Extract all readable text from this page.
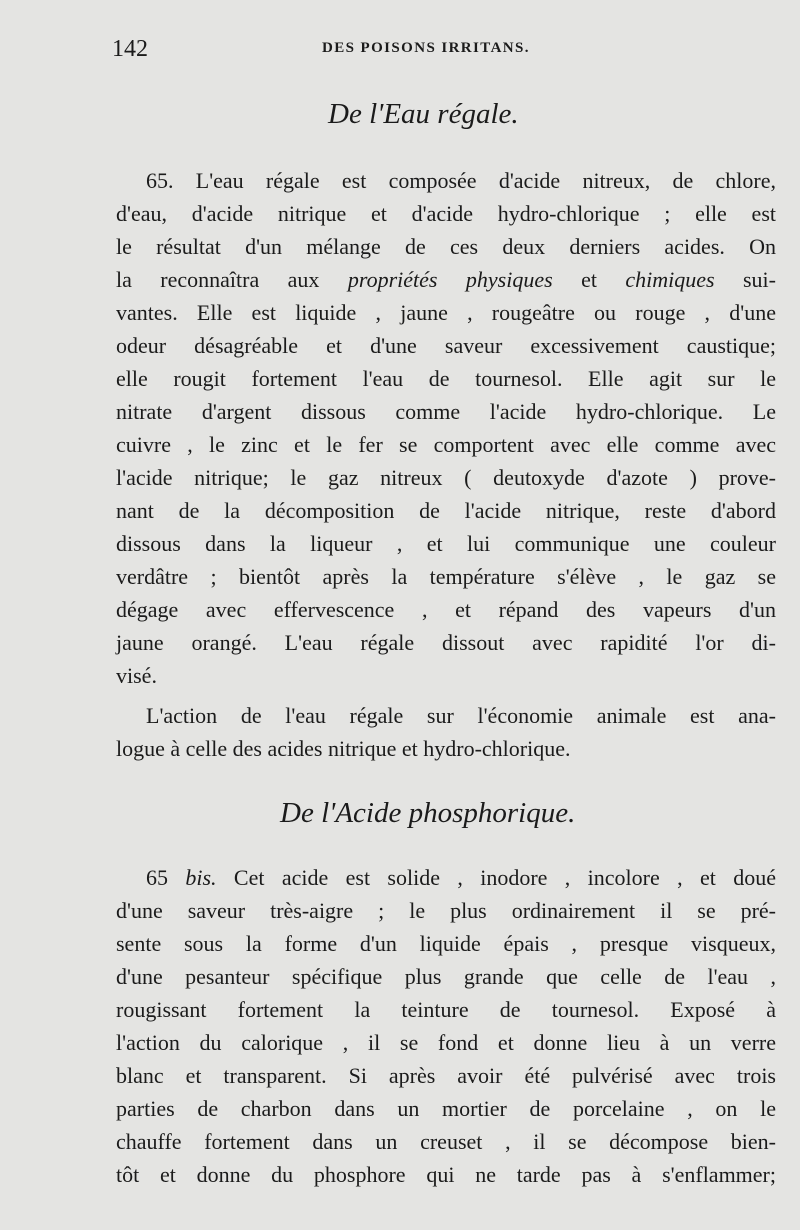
142	DES POISONS IRRITANS.
De l'Eau régale.
65. L'eau régale est composée d'acide nitreux, de chlore,
d'eau, d'acide nitrique et d'acide hydro-chlorique ; elle est
le résultat d'un mélange de ces deux derniers acides. On
la reconnaîtra aux propriétés physiques et chimiques sui-
vantes. Elle est liquide , jaune , rougeâtre ou rouge , d'une
odeur désagréable et d'une saveur excessivement caustique;
elle rougit fortement l'eau de tournesol. Elle agit sur le
nitrate d'argent dissous comme l'acide hydro-chlorique. Le
cuivre , le zinc et le fer se comportent avec elle comme avec
l'acide nitrique; le gaz nitreux ( deutoxyde d'azote ) prove-
nant de la décomposition de l'acide nitrique, reste d'abord
dissous dans la liqueur , et lui communique une couleur
verdâtre ; bientôt après la température s'élève , le gaz se
dégage avec effervescence , et répand des vapeurs d'un
jaune orangé. L'eau régale dissout avec rapidité l'or di-
visé.
L'action de l'eau régale sur l'économie animale est ana-
logue à celle des acides nitrique et hydro-chlorique.
De l'Acide phosphorique.
65 bis. Cet acide est solide , inodore , incolore , et doué
d'une saveur très-aigre ; le plus ordinairement il se pré-
sente sous la forme d'un liquide épais , presque visqueux,
d'une pesanteur spécifique plus grande que celle de l'eau ,
rougissant fortement la teinture de tournesol. Exposé à
l'action du calorique , il se fond et donne lieu à un verre
blanc et transparent. Si après avoir été pulvérisé avec trois
parties de charbon dans un mortier de porcelaine , on le
chauffe fortement dans un creuset , il se décompose bien-
tôt et donne du phosphore qui ne tarde pas à s'enflammer;
